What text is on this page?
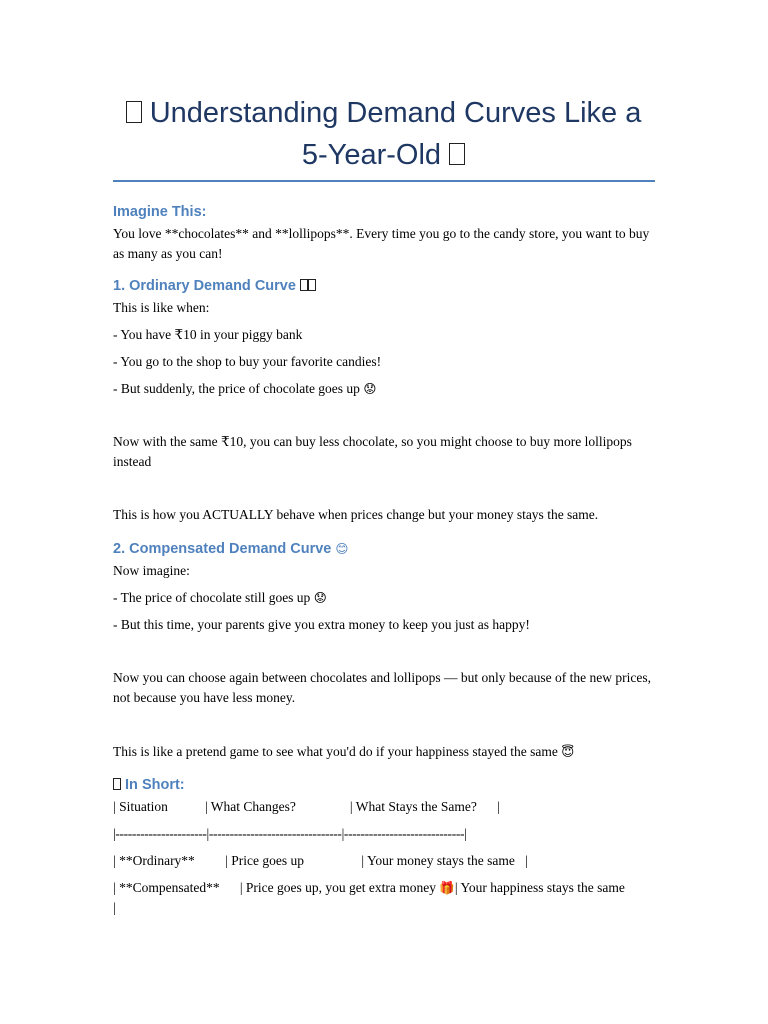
Understanding Demand Curves Like a
5-Year-Old
Imagine This:

You love **chocolates** and **lollipops**. Every time you go to the candy store, you want to buy as many as you can!

1. Ordinary Demand Curve

This is like when:

- You have ₹10 in your piggy bank

- You go to the shop to buy your favorite candies!

- But suddenly, the price of chocolate goes up 😟

Now with the same ₹10, you can buy less chocolate, so you might choose to buy more lollipops instead

This is how you ACTUALLY behave when prices change but your money stays the same.

2. Compensated Demand Curve 😊

Now imagine:

- The price of chocolate still goes up 😟

- But this time, your parents give you extra money to keep you just as happy!

Now you can choose again between chocolates and lollipops — but only because of the new prices, not because you have less money.

This is like a pretend game to see what you'd do if your happiness stayed the same 😇

In Short:

| Situation           | What Changes?                | What Stays the Same?      |

|----------------------|--------------------------------|-----------------------------|

| **Ordinary**         | Price goes up                 | Your money stays the same   |

| **Compensated**      | Price goes up, you get extra money 🎁| Your happiness stays the same

|
